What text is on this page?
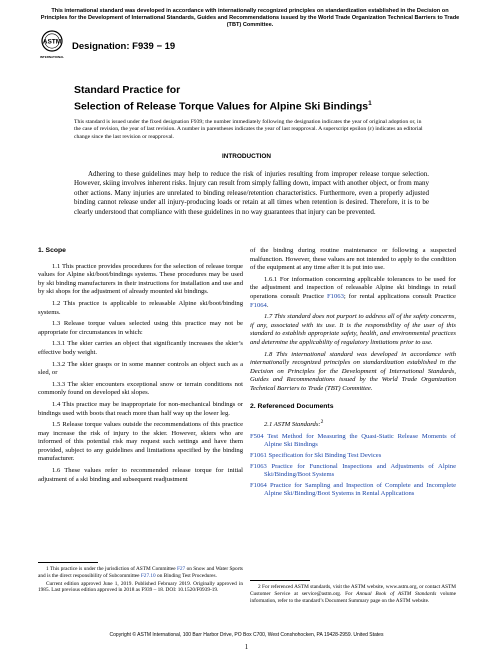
This international standard was developed in accordance with internationally recognized principles on standardization established in the Decision on Principles for the Development of International Standards, Guides and Recommendations issued by the World Trade Organization Technical Barriers to Trade (TBT) Committee.
ASTM
INTERNATIONAL
Designation: F939 − 19
Standard Practice for
Selection of Release Torque Values for Alpine Ski Bindings$^1$
This standard is issued under the fixed designation F939; the number immediately following the designation indicates the year of original adoption or, in the case of revision, the year of last revision. A number in parentheses indicates the year of last reapproval. A superscript epsilon (ε) indicates an editorial change since the last revision or reapproval.
INTRODUCTION
Adhering to these guidelines may help to reduce the risk of injuries resulting from improper release torque selection. However, skiing involves inherent risks. Injury can result from simply falling down, impact with another object, or from many other actions. Many injuries are unrelated to binding release/retention characteristics. Furthermore, even a properly adjusted binding cannot release under all injury-producing loads or retain at all times when retention is desired. Therefore, it is to be clearly understood that compliance with these guidelines in no way guarantees that injury can be prevented.
1. Scope

1.1 This practice provides procedures for the selection of release torque values for Alpine ski/boot/bindings systems. These procedures may be used by ski binding manufacturers in their instructions for installation and use and by ski shops for the adjustment of already mounted ski bindings.

1.2 This practice is applicable to releasable Alpine ski/boot/binding systems.

1.3 Release torque values selected using this practice may not be appropriate for circumstances in which:

1.3.1 The skier carries an object that significantly increases the skier’s effective body weight.

1.3.2 The skier grasps or in some manner controls an object such as a sled, or

1.3.3 The skier encounters exceptional snow or terrain conditions not commonly found on developed ski slopes.

1.4 This practice may be inappropriate for non-mechanical bindings or bindings used with boots that reach more than half way up the lower leg.

1.5 Release torque values outside the recommendations of this practice may increase the risk of injury to the skier. However, skiers who are informed of this potential risk may request such settings and have them provided, subject to any guidelines and limitations specified by the binding manufacturer.

1.6 These values refer to recommended release torque for initial adjustment of a ski binding and subsequent readjustment

1 This practice is under the jurisdiction of ASTM Committee F27 on Snow and Water Sports and is the direct responsibility of Subcommittee F27.10 on Binding Test Procedures.

Current edition approved June 1, 2019. Published February 2019. Originally approved in 1985. Last previous edition approved in 2018 as F939 – 18. DOI: 10.1520/F0939-19.

of the binding during routine maintenance or following a suspected malfunction. However, these values are not intended to apply to the condition of the equipment at any time after it is put into use.

1.6.1 For information concerning applicable tolerances to be used for the adjustment and inspection of releasable Alpine ski bindings in retail operations consult Practice F1063; for rental applications consult Practice F1064.

1.7 This standard does not purport to address all of the safety concerns, if any, associated with its use. It is the responsibility of the user of this standard to establish appropriate safety, health, and environmental practices and determine the applicability of regulatory limitations prior to use.

1.8 This international standard was developed in accordance with internationally recognized principles on standardization established in the Decision on Principles for the Development of International Standards, Guides and Recommendations issued by the World Trade Organization Technical Barriers to Trade (TBT) Committee.

2. Referenced Documents

2.1 ASTM Standards:$^2$

F504 Test Method for Measuring the Quasi-Static Release Moments of Alpine Ski Bindings
F1061 Specification for Ski Binding Test Devices
F1063 Practice for Functional Inspections and Adjustments of Alpine Ski/Binding/Boot Systems
F1064 Practice for Sampling and Inspection of Complete and Incomplete Alpine Ski/Binding/Boot Systems in Rental Applications

2 For referenced ASTM standards, visit the ASTM website, www.astm.org, or contact ASTM Customer Service at service@astm.org. For Annual Book of ASTM Standards volume information, refer to the standard’s Document Summary page on the ASTM website.

Copyright © ASTM International, 100 Barr Harbor Drive, PO Box C700, West Conshohocken, PA 19428-2959. United States
1
